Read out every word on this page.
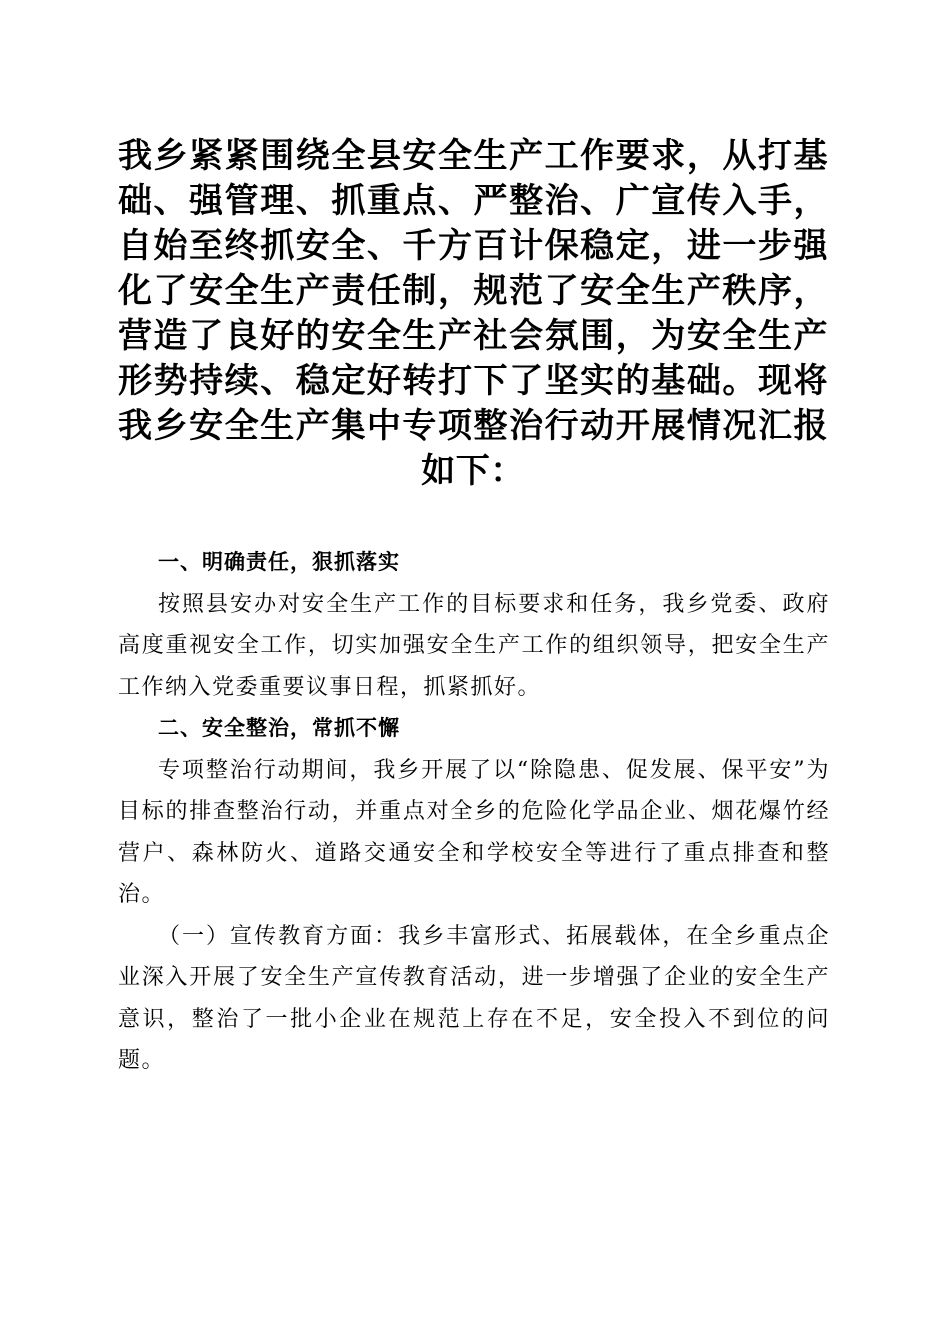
我乡紧紧围绕全县安全生产工作要求，从打基础、强管理、抓重点、严整治、广宣传入手，自始至终抓安全、千方百计保稳定，进一步强化了安全生产责任制，规范了安全生产秩序，营造了良好的安全生产社会氛围，为安全生产形势持续、稳定好转打下了坚实的基础。现将我乡安全生产集中专项整治行动开展情况汇报如下：

一、明确责任，狠抓落实

按照县安办对安全生产工作的目标要求和任务，我乡党委、政府高度重视安全工作，切实加强安全生产工作的组织领导，把安全生产工作纳入党委重要议事日程，抓紧抓好。

二、安全整治，常抓不懈

专项整治行动期间，我乡开展了以“除隐患、促发展、保平安”为目标的排查整治行动，并重点对全乡的危险化学品企业、烟花爆竹经营户、森林防火、道路交通安全和学校安全等进行了重点排查和整治。

（一）宣传教育方面：我乡丰富形式、拓展载体，在全乡重点企业深入开展了安全生产宣传教育活动，进一步增强了企业的安全生产意识，整治了一批小企业在规范上存在不足，安全投入不到位的问题。
